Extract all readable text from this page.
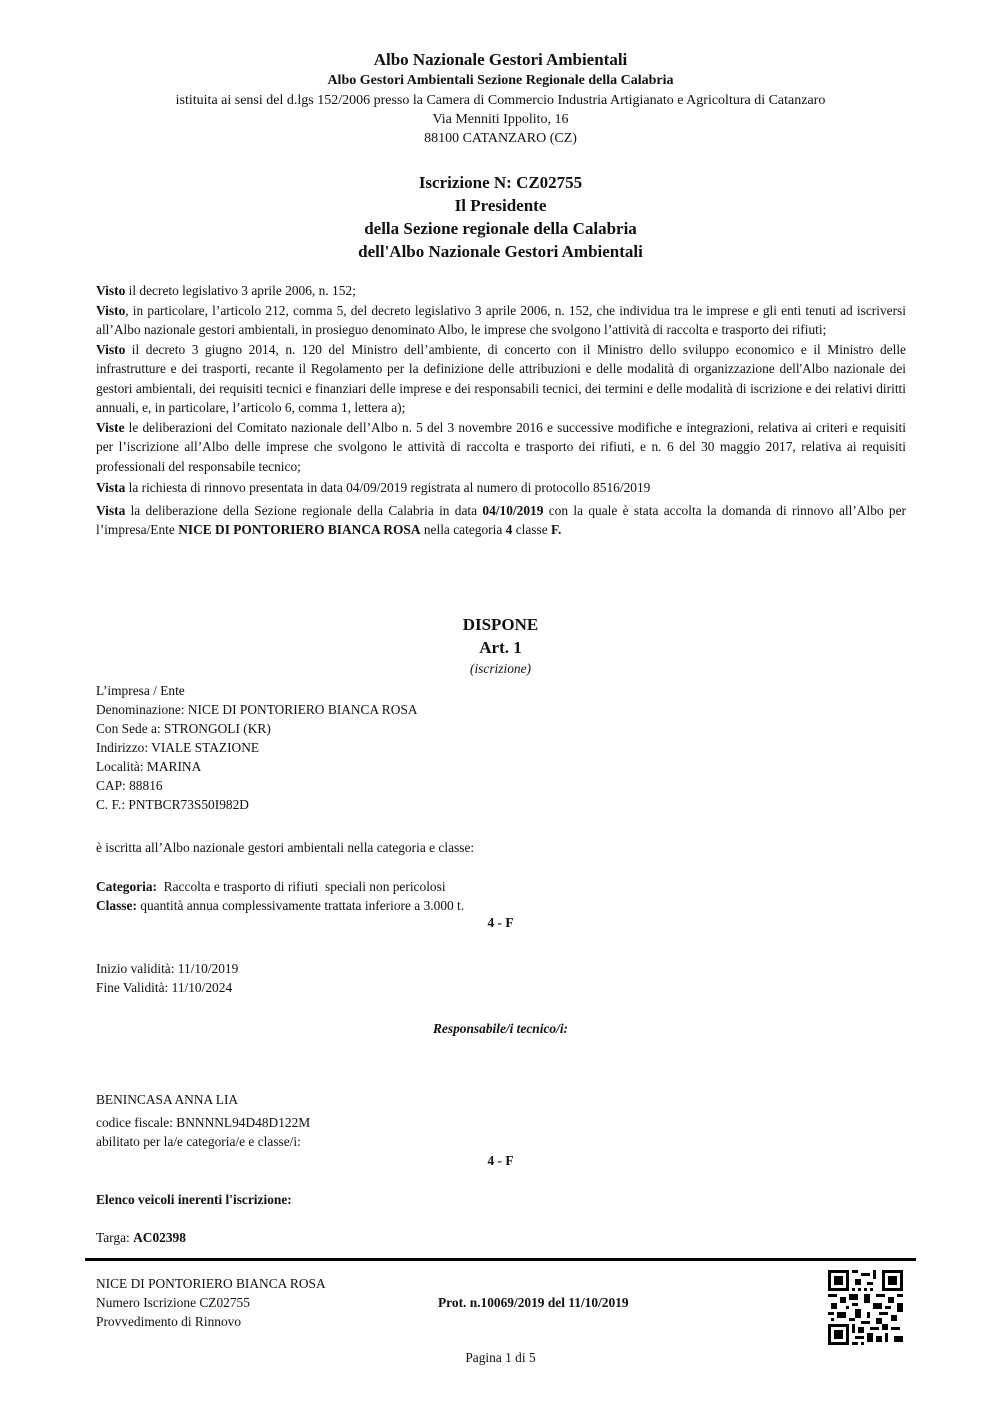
Albo Nazionale Gestori Ambientali
Albo Gestori Ambientali Sezione Regionale della Calabria
istituita ai sensi del d.lgs 152/2006 presso la Camera di Commercio Industria Artigianato e Agricoltura di Catanzaro
Via Menniti Ippolito, 16
88100 CATANZARO (CZ)
Iscrizione N: CZ02755
Il Presidente
della Sezione regionale della Calabria
dell'Albo Nazionale Gestori Ambientali

Visto il decreto legislativo 3 aprile 2006, n. 152;

Visto, in particolare, l’articolo 212, comma 5, del decreto legislativo 3 aprile 2006, n. 152, che individua tra le imprese e gli enti tenuti ad iscriversi all’Albo nazionale gestori ambientali, in prosieguo denominato Albo, le imprese che svolgono l’attività di raccolta e trasporto dei rifiuti;

Visto il decreto 3 giugno 2014, n. 120 del Ministro dell’ambiente, di concerto con il Ministro dello sviluppo economico e il Ministro delle infrastrutture e dei trasporti, recante il Regolamento per la definizione delle attribuzioni e delle modalità di organizzazione dell'Albo nazionale dei gestori ambientali, dei requisiti tecnici e finanziari delle imprese e dei responsabili tecnici, dei termini e delle modalità di iscrizione e dei relativi diritti annuali, e, in particolare, l’articolo 6, comma 1, lettera a);

Viste le deliberazioni del Comitato nazionale dell’Albo n. 5 del 3 novembre 2016 e successive modifiche e integrazioni, relativa ai criteri e requisiti per l’iscrizione all’Albo delle imprese che svolgono le attività di raccolta e trasporto dei rifiuti, e n. 6 del 30 maggio 2017, relativa ai requisiti professionali del responsabile tecnico;

Vista la richiesta di rinnovo presentata in data 04/09/2019 registrata al numero di protocollo 8516/2019

Vista la deliberazione della Sezione regionale della Calabria in data 04/10/2019 con la quale è stata accolta la domanda di rinnovo all’Albo per l’impresa/Ente NICE DI PONTORIERO BIANCA ROSA nella categoria 4 classe F.

DISPONE
Art. 1
(iscrizione)
L’impresa / Ente
Denominazione: NICE DI PONTORIERO BIANCA ROSA
Con Sede a: STRONGOLI (KR)
Indirizzo: VIALE STAZIONE
Località: MARINA
CAP: 88816
C. F.: PNTBCR73S50I982D
è iscritta all’Albo nazionale gestori ambientali nella categoria e classe:
Categoria:  Raccolta e trasporto di rifiuti  speciali non pericolosi
Classe: quantità annua complessivamente trattata inferiore a 3.000 t.
4 - F
Inizio validità: 11/10/2019
Fine Validità: 11/10/2024
Responsabile/i tecnico/i:
BENINCASA ANNA LIA
codice fiscale: BNNNNL94D48D122M
abilitato per la/e categoria/e e classe/i:
4 - F
Elenco veicoli inerenti l'iscrizione:
Targa: AC02398
NICE DI PONTORIERO BIANCA ROSA
Numero Iscrizione CZ02755
Provvedimento di Rinnovo
Prot. n.10069/2019 del 11/10/2019
Pagina 1 di 5
